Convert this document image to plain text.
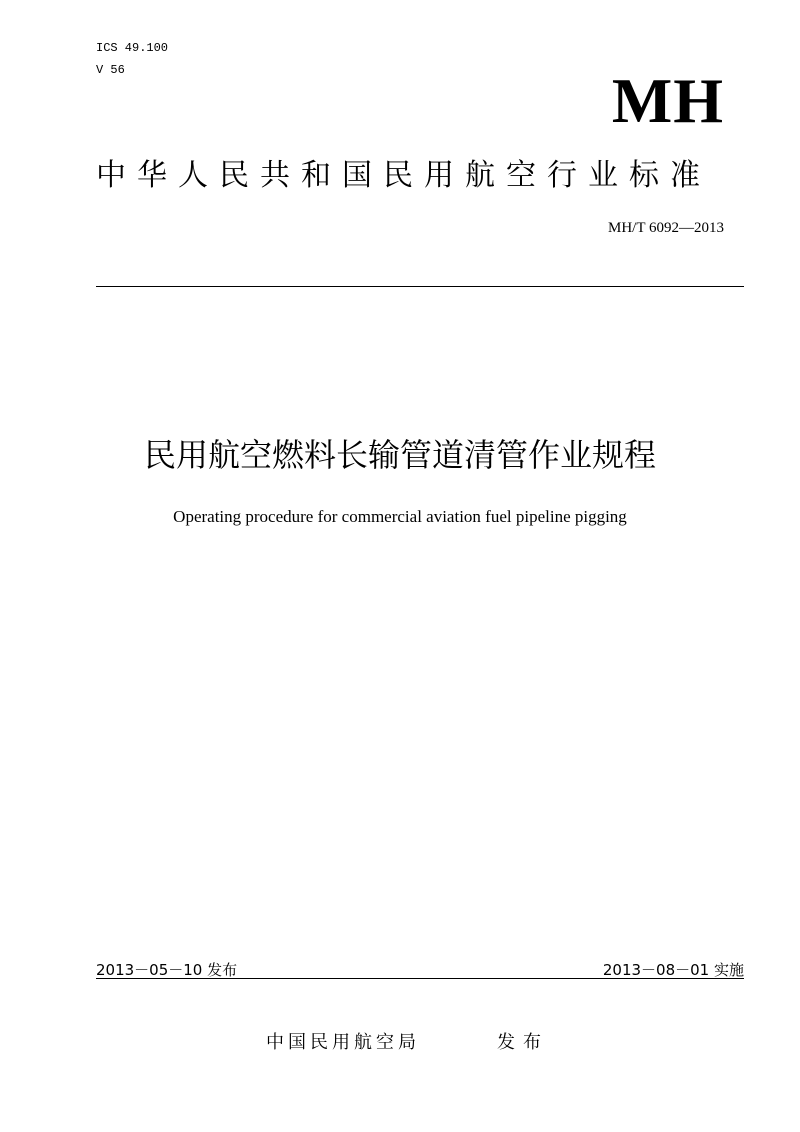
ICS 49.100
V 56	MH
中华人民共和国民用航空行业标准
MH/T 6092—2013
民用航空燃料长输管道清管作业规程
Operating procedure for commercial aviation fuel pipeline pigging
2013－05－10 发布	2013－08－01 实施
中国民用航空局	发布
